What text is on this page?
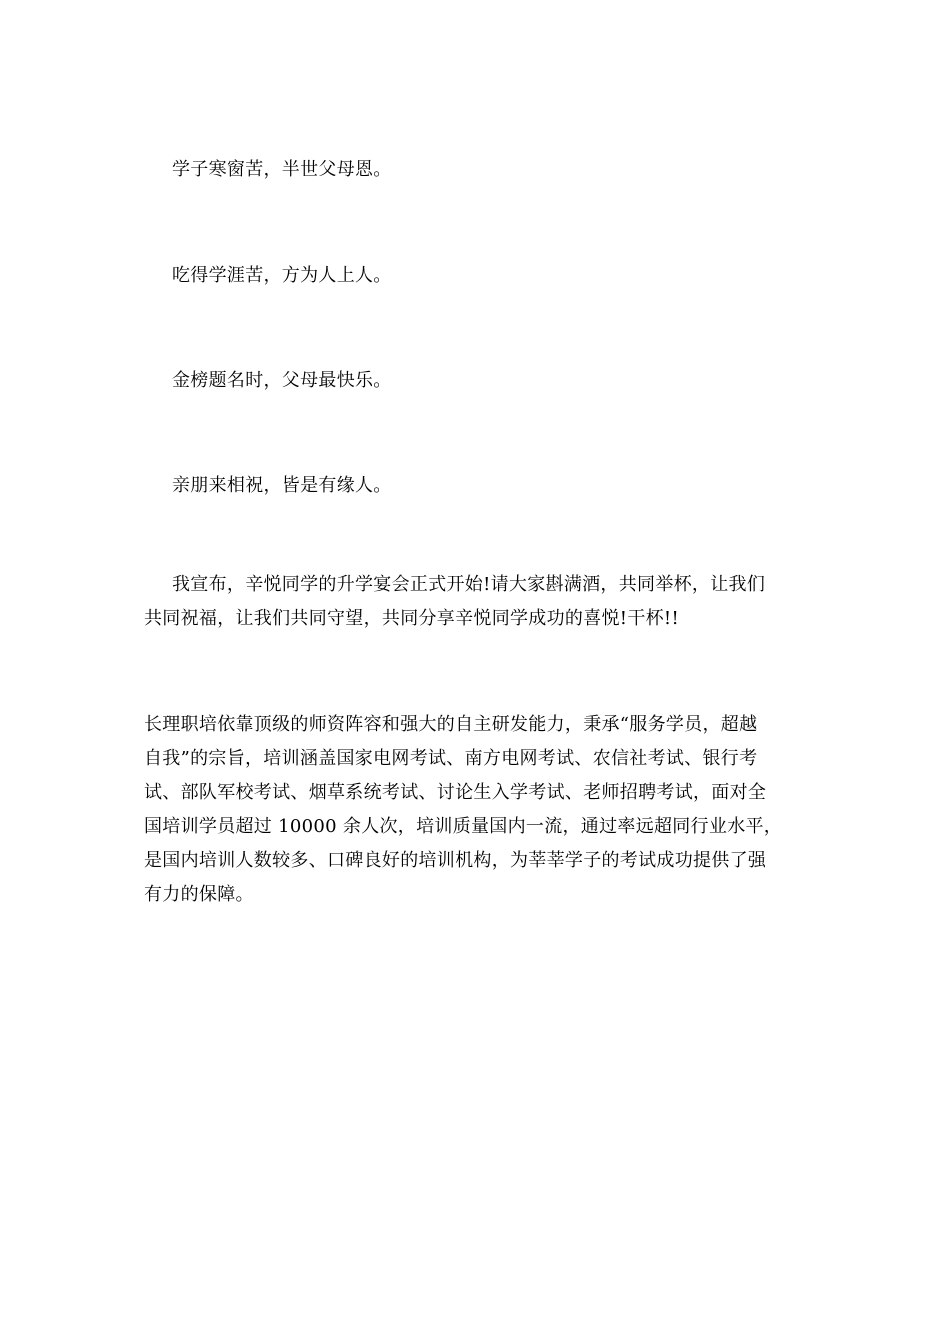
学子寒窗苦，半世父母恩。
吃得学涯苦，方为人上人。
金榜题名时，父母最快乐。
亲朋来相祝，皆是有缘人。
我宣布，辛悦同学的升学宴会正式开始!请大家斟满酒，共同举杯，让我们
共同祝福，让我们共同守望，共同分享辛悦同学成功的喜悦!干杯!!
长理职培依靠顶级的师资阵容和强大的自主研发能力，秉承“服务学员，超越
自我”的宗旨，培训涵盖国家电网考试、南方电网考试、农信社考试、银行考
试、部队军校考试、烟草系统考试、讨论生入学考试、老师招聘考试，面对全
国培训学员超过 10000 余人次，培训质量国内一流，通过率远超同行业水平，
是国内培训人数较多、口碑良好的培训机构，为莘莘学子的考试成功提供了强
有力的保障。
